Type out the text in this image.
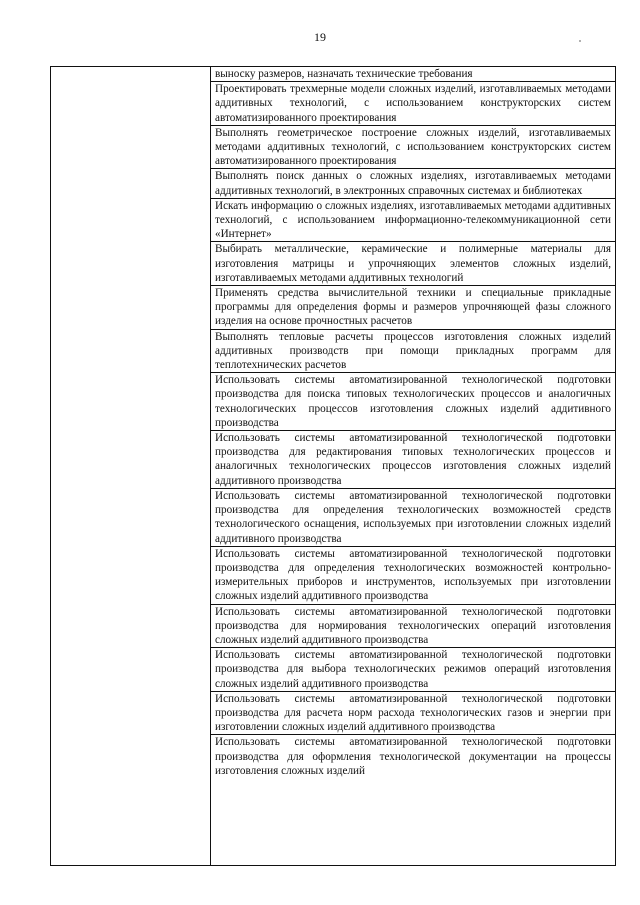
19

выноску размеров, назначать технические требования
Проектировать трехмерные модели сложных изделий, изготавливаемых методами аддитивных технологий, с использованием конструкторских систем автоматизированного проектирования
Выполнять геометрическое построение сложных изделий, изготавливаемых методами аддитивных технологий, с использованием конструкторских систем автоматизированного проектирования
Выполнять поиск данных о сложных изделиях, изготавливаемых методами аддитивных технологий, в электронных справочных системах и библиотеках
Искать информацию о сложных изделиях, изготавливаемых методами аддитивных технологий, с использованием информационно-телекоммуникационной сети «Интернет»
Выбирать металлические, керамические и полимерные материалы для изготовления матрицы и упрочняющих элементов сложных изделий, изготавливаемых методами аддитивных технологий
Применять средства вычислительной техники и специальные прикладные программы для определения формы и размеров упрочняющей фазы сложного изделия на основе прочностных расчетов
Выполнять тепловые расчеты процессов изготовления сложных изделий аддитивных производств при помощи прикладных программ для теплотехнических расчетов
Использовать системы автоматизированной технологической подготовки производства для поиска типовых технологических процессов и аналогичных технологических процессов изготовления сложных изделий аддитивного производства
Использовать системы автоматизированной технологической подготовки производства для редактирования типовых технологических процессов и аналогичных технологических процессов изготовления сложных изделий аддитивного производства
Использовать системы автоматизированной технологической подготовки производства для определения технологических возможностей средств технологического оснащения, используемых при изготовлении сложных изделий аддитивного производства
Использовать системы автоматизированной технологической подготовки производства для определения технологических возможностей контрольно-измерительных приборов и инструментов, используемых при изготовлении сложных изделий аддитивного производства
Использовать системы автоматизированной технологической подготовки производства для нормирования технологических операций изготовления сложных изделий аддитивного производства
Использовать системы автоматизированной технологической подготовки производства для выбора технологических режимов операций изготовления сложных изделий аддитивного производства
Использовать системы автоматизированной технологической подготовки производства для расчета норм расхода технологических газов и энергии при изготовлении сложных изделий аддитивного производства
Использовать системы автоматизированной технологической подготовки производства для оформления технологической документации на процессы изготовления сложных изделий
